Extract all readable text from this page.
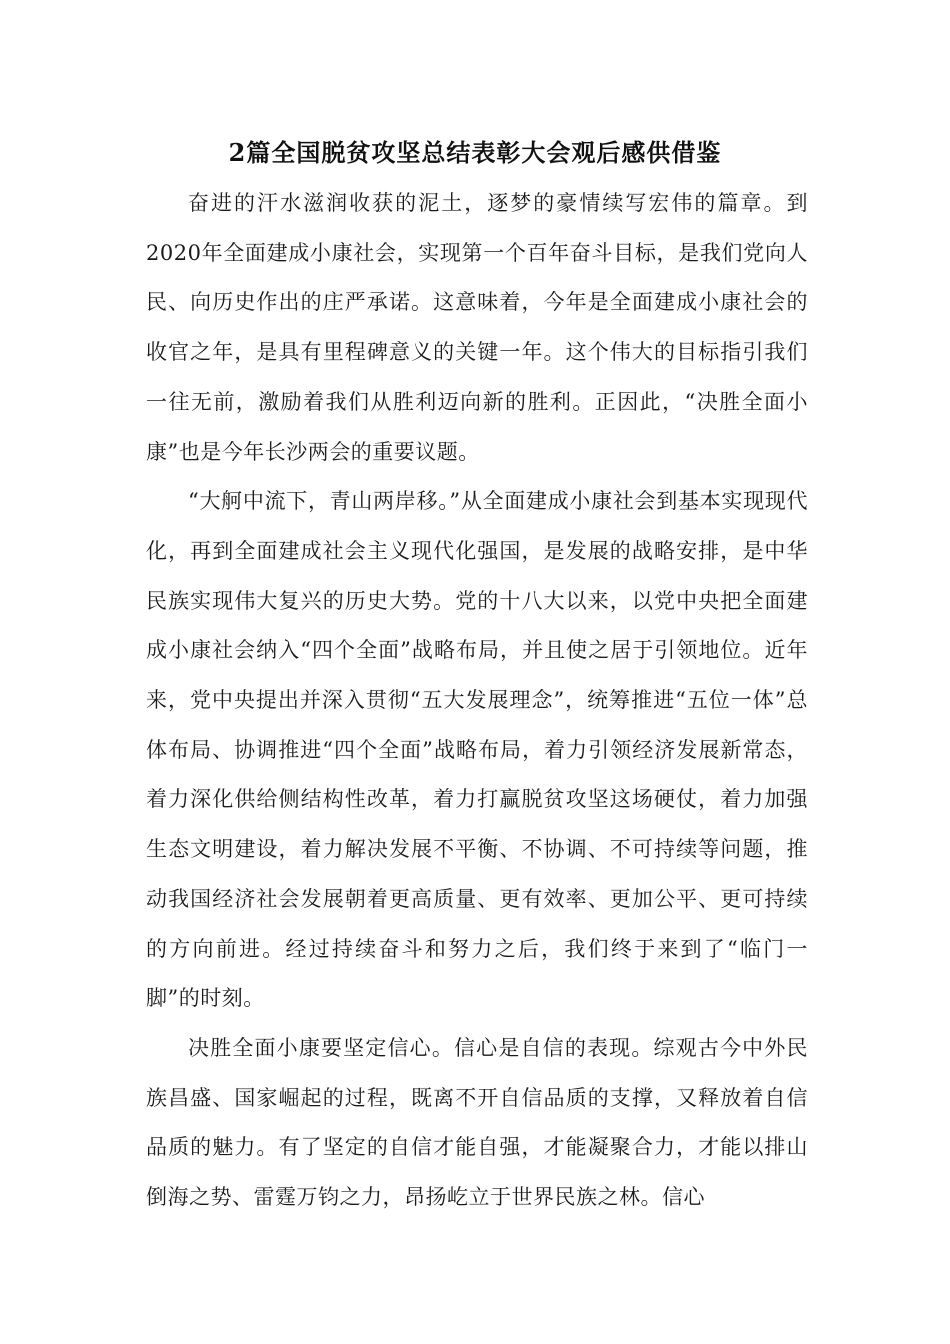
2篇全国脱贫攻坚总结表彰大会观后感供借鉴

奋进的汗水滋润收获的泥土，逐梦的豪情续写宏伟的篇章。到2020年全面建成小康社会，实现第一个百年奋斗目标，是我们党向人民、向历史作出的庄严承诺。这意味着，今年是全面建成小康社会的收官之年，是具有里程碑意义的关键一年。这个伟大的目标指引我们一往无前，激励着我们从胜利迈向新的胜利。正因此，“决胜全面小康”也是今年长沙两会的重要议题。

“大舸中流下，青山两岸移。”从全面建成小康社会到基本实现现代化，再到全面建成社会主义现代化强国，是发展的战略安排，是中华民族实现伟大复兴的历史大势。党的十八大以来，以党中央把全面建成小康社会纳入“四个全面”战略布局，并且使之居于引领地位。近年来，党中央提出并深入贯彻“五大发展理念”，统筹推进“五位一体”总体布局、协调推进“四个全面”战略布局，着力引领经济发展新常态，着力深化供给侧结构性改革，着力打赢脱贫攻坚这场硬仗，着力加强生态文明建设，着力解决发展不平衡、不协调、不可持续等问题，推动我国经济社会发展朝着更高质量、更有效率、更加公平、更可持续的方向前进。经过持续奋斗和努力之后，我们终于来到了“临门一脚”的时刻。

决胜全面小康要坚定信心。信心是自信的表现。综观古今中外民族昌盛、国家崛起的过程，既离不开自信品质的支撑，又释放着自信品质的魅力。有了坚定的自信才能自强，才能凝聚合力，才能以排山倒海之势、雷霆万钧之力，昂扬屹立于世界民族之林。信心
